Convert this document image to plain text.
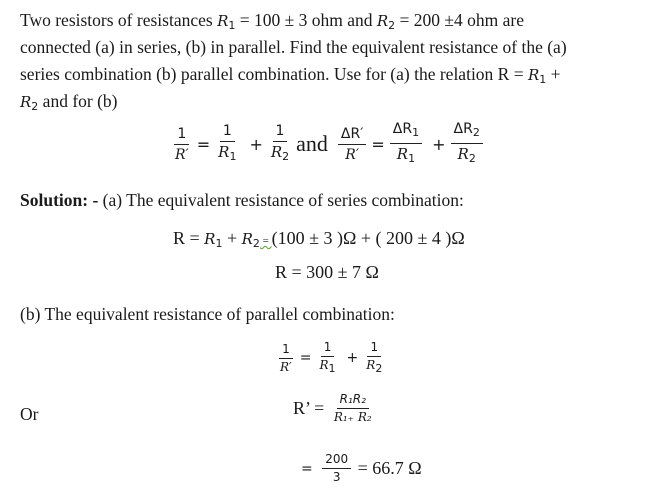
Two resistors of resistances $R_1 = 100 \pm 3$ ohm and $R_2 = 200 \pm 4$ ohm are
connected (a) in series, (b) in parallel. Find the equivalent resistance of the (a)
series combination (b) parallel combination. Use for (a) the relation $R = R_1$ +
$R_2$ and for (b)
$\frac{1}{R'} = \frac{1}{R_1} + \frac{1}{R_2}$ and $\frac{\Delta R'}{R'} = \frac{\Delta R_1}{R_1} + \frac{\Delta R_2}{R_2}$
Solution: - (a) The equivalent resistance of series combination:
$R = R_1 + R_2 = (100 \pm 3$ )Ω + ( 200 ± 4 )Ω
R = 300 ± 7 Ω
(b) The equivalent resistance of parallel combination:
$\frac{1}{R'} = \frac{1}{R_1} + \frac{1}{R_2}$
Or	R’ = $\frac{\text{R₁R₂}}{\text{R₁₊ R₂}}$
= $\frac{200}{3} = 66.7$ Ω
